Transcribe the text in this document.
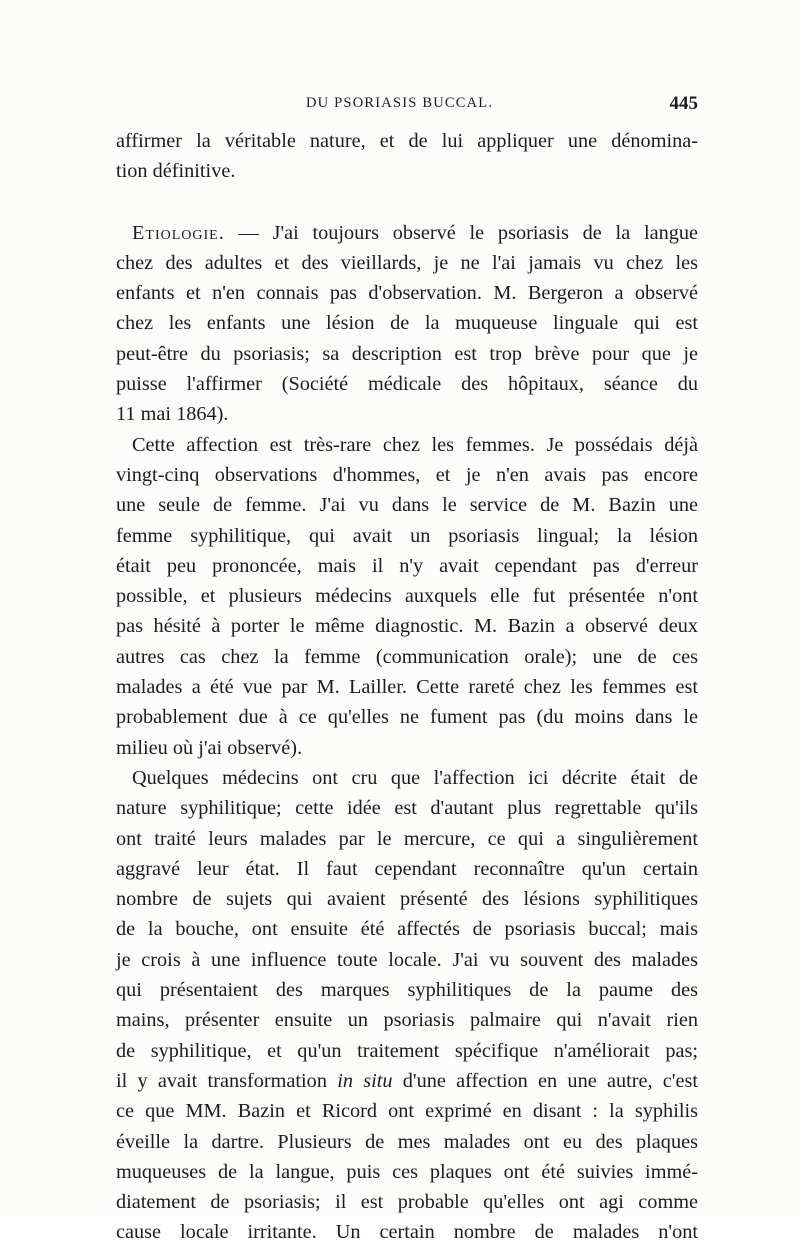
DU PSORIASIS BUCCAL.	445
affirmer la véritable nature, et de lui appliquer une dénomina-
tion définitive.
Etiologie. — J'ai toujours observé le psoriasis de la langue
chez des adultes et des vieillards, je ne l'ai jamais vu chez les
enfants et n'en connais pas d'observation. M. Bergeron a observé
chez les enfants une lésion de la muqueuse linguale qui est
peut-être du psoriasis; sa description est trop brève pour que je
puisse l'affirmer (Société médicale des hôpitaux, séance du
11 mai 1864).
Cette affection est très-rare chez les femmes. Je possédais déjà
vingt-cinq observations d'hommes, et je n'en avais pas encore
une seule de femme. J'ai vu dans le service de M. Bazin une
femme syphilitique, qui avait un psoriasis lingual; la lésion
était peu prononcée, mais il n'y avait cependant pas d'erreur
possible, et plusieurs médecins auxquels elle fut présentée n'ont
pas hésité à porter le même diagnostic. M. Bazin a observé deux
autres cas chez la femme (communication orale); une de ces
malades a été vue par M. Lailler. Cette rareté chez les femmes est
probablement due à ce qu'elles ne fument pas (du moins dans le
milieu où j'ai observé).
Quelques médecins ont cru que l'affection ici décrite était de
nature syphilitique; cette idée est d'autant plus regrettable qu'ils
ont traité leurs malades par le mercure, ce qui a singulièrement
aggravé leur état. Il faut cependant reconnaître qu'un certain
nombre de sujets qui avaient présenté des lésions syphilitiques
de la bouche, ont ensuite été affectés de psoriasis buccal; mais
je crois à une influence toute locale. J'ai vu souvent des malades
qui présentaient des marques syphilitiques de la paume des
mains, présenter ensuite un psoriasis palmaire qui n'avait rien
de syphilitique, et qu'un traitement spécifique n'améliorait pas;
il y avait transformation in situ d'une affection en une autre, c'est
ce que MM. Bazin et Ricord ont exprimé en disant : la syphilis
éveille la dartre. Plusieurs de mes malades ont eu des plaques
muqueuses de la langue, puis ces plaques ont été suivies immé-
diatement de psoriasis; il est probable qu'elles ont agi comme
cause locale irritante. Un certain nombre de malades n'ont
